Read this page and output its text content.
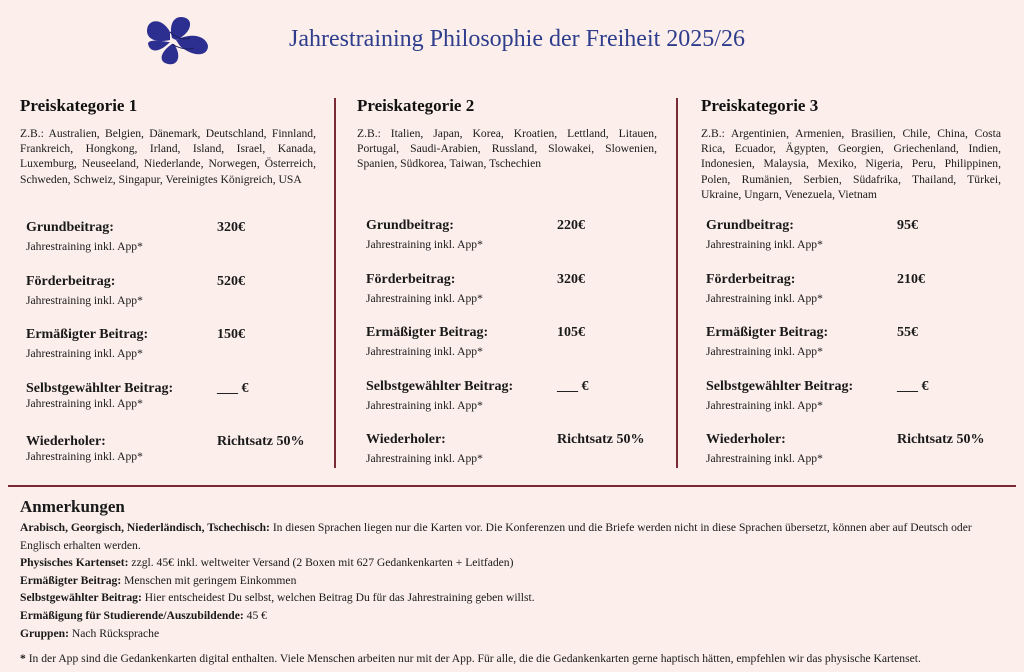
Jahrestraining Philosophie der Freiheit 2025/26
Preiskategorie 1
Z.B.: Australien, Belgien, Dänemark, Deutschland, Finnland, Frankreich, Hongkong, Irland, Island, Israel, Kanada, Luxemburg, Neuseeland, Niederlande, Norwegen, Österreich, Schweden, Schweiz, Singapur, Vereinigtes Königreich, USA
Grundbeitrag:
Jahrestraining inkl. App*
320€
Förderbeitrag:
Jahrestraining inkl. App*
520€
Ermäßigter Beitrag:
Jahrestraining inkl. App*
150€
Selbstgewählter Beitrag:
Jahrestraining inkl. App*
___ €
Wiederholer:
Jahrestraining inkl. App*
Richtsatz 50%
Preiskategorie 2
Z.B.: Italien, Japan, Korea, Kroatien, Lettland, Litauen, Portugal, Saudi-Arabien, Russland, Slowakei, Slowenien, Spanien, Südkorea, Taiwan, Tschechien
Grundbeitrag:
Jahrestraining inkl. App*
220€
Förderbeitrag:
Jahrestraining inkl. App*
320€
Ermäßigter Beitrag:
Jahrestraining inkl. App*
105€
Selbstgewählter Beitrag:
Jahrestraining inkl. App*
___ €
Wiederholer:
Jahrestraining inkl. App*
Richtsatz 50%
Preiskategorie 3
Z.B.: Argentinien, Armenien, Brasilien, Chile, China, Costa Rica, Ecuador, Ägypten, Georgien, Griechenland, Indien, Indonesien, Malaysia, Mexiko, Nigeria, Peru, Philippinen, Polen, Rumänien, Serbien, Südafrika, Thailand, Türkei, Ukraine, Ungarn, Venezuela, Vietnam
Grundbeitrag:
Jahrestraining inkl. App*
95€
Förderbeitrag:
Jahrestraining inkl. App*
210€
Ermäßigter Beitrag:
Jahrestraining inkl. App*
55€
Selbstgewählter Beitrag:
Jahrestraining inkl. App*
___ €
Wiederholer:
Jahrestraining inkl. App*
Richtsatz 50%
Anmerkungen

Arabisch, Georgisch, Niederländisch, Tschechisch: In diesen Sprachen liegen nur die Karten vor. Die Konferenzen und die Briefe werden nicht in diese Sprachen übersetzt, können aber auf Deutsch oder Englisch erhalten werden.

Physisches Kartenset: zzgl. 45€ inkl. weltweiter Versand (2 Boxen mit 627 Gedankenkarten + Leitfaden)

Ermäßigter Beitrag: Menschen mit geringem Einkommen

Selbstgewählter Beitrag: Hier entscheidest Du selbst, welchen Beitrag Du für das Jahrestraining geben willst.

Ermäßigung für Studierende/Auszubildende: 45 €

Gruppen: Nach Rücksprache

* In der App sind die Gedankenkarten digital enthalten. Viele Menschen arbeiten nur mit der App. Für alle, die die Gedankenkarten gerne haptisch hätten, empfehlen wir das physische Kartenset.
